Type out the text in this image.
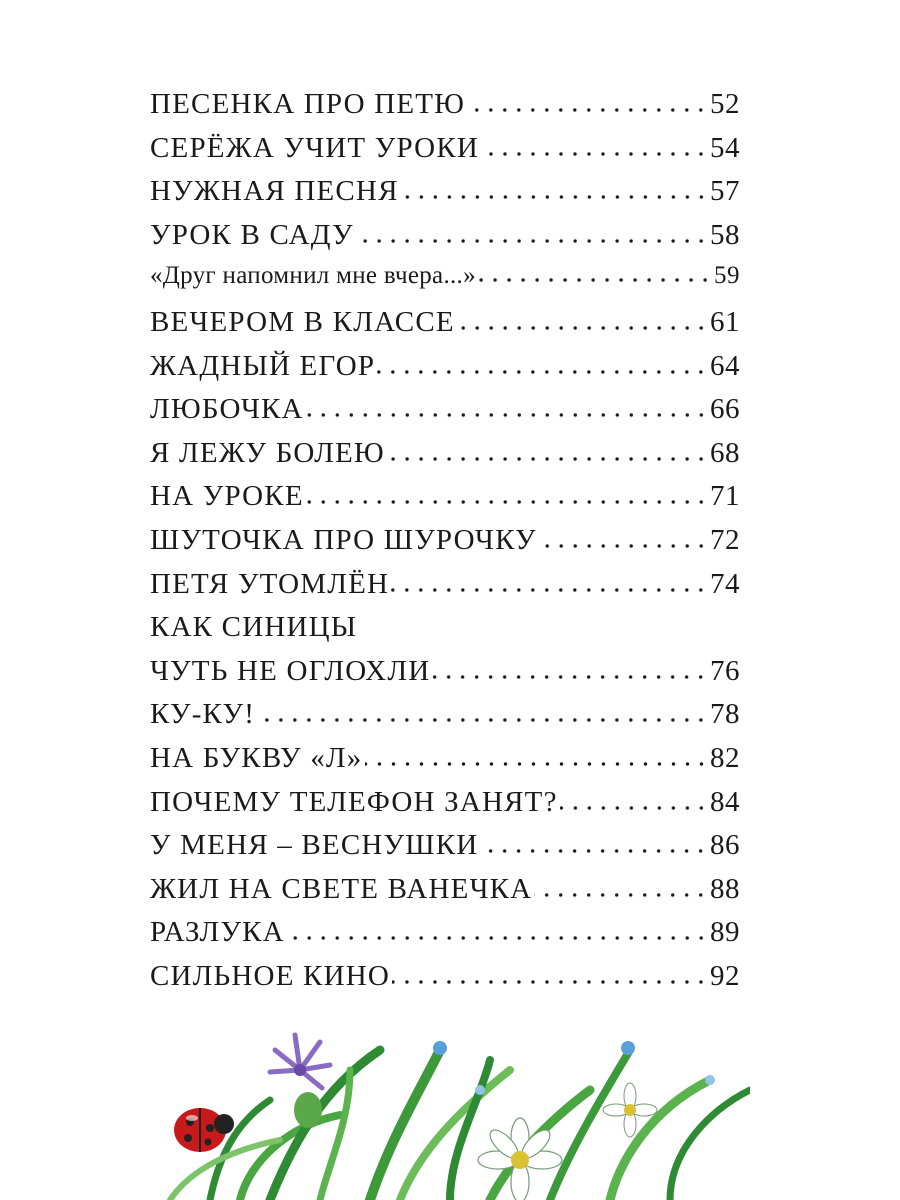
ПЕСЕНКА ПРО ПЕТЮ	52
СЕРЁЖА УЧИТ УРОКИ	54
НУЖНАЯ ПЕСНЯ	57
УРОК В САДУ	58
«Друг напомнил мне вчера...»	59
ВЕЧЕРОМ В КЛАССЕ	61
ЖАДНЫЙ ЕГОР	64
ЛЮБОЧКА	66
Я ЛЕЖУ БОЛЕЮ	68
НА УРОКЕ	71
ШУТОЧКА ПРО ШУРОЧКУ	72
ПЕТЯ УТОМЛЁН	74
КАК СИНИЦЫ
ЧУТЬ НЕ ОГЛОХЛИ	76
КУ-КУ!	78
НА БУКВУ «Л»	82
ПОЧЕМУ ТЕЛЕФОН ЗАНЯТ?	84
У МЕНЯ – ВЕСНУШКИ	86
ЖИЛ НА СВЕТЕ ВАНЕЧКА	88
РАЗЛУКА	89
СИЛЬНОЕ КИНО	92
